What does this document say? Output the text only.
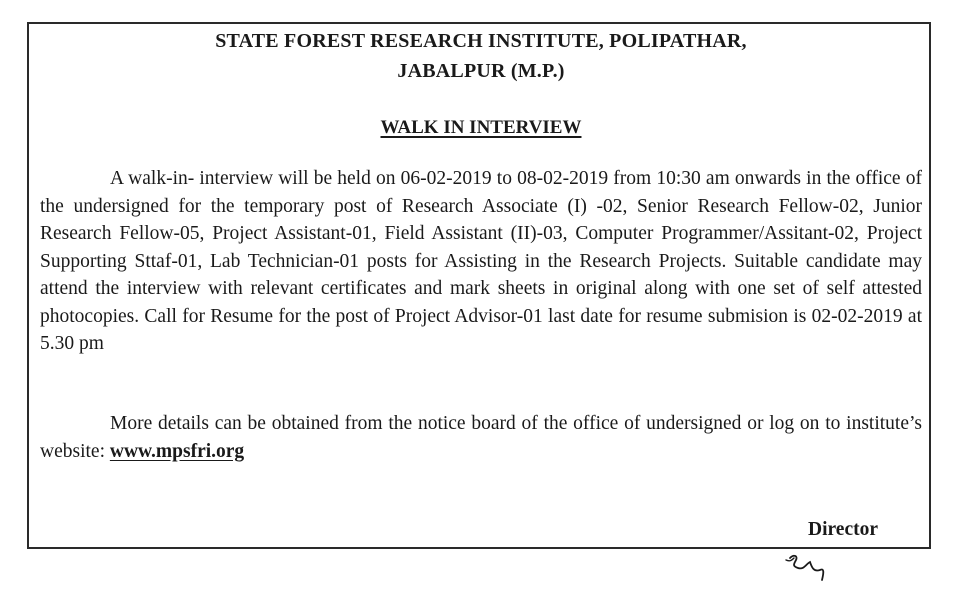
STATE FOREST RESEARCH INSTITUTE, POLIPATHAR,
JABALPUR (M.P.)
WALK IN INTERVIEW
A walk-in- interview will be held on 06-02-2019 to 08-02-2019 from 10:30 am onwards in the office of the undersigned for the temporary post of Research Associate (I) -02, Senior Research Fellow-02, Junior Research Fellow-05, Project Assistant-01, Field Assistant (II)-03, Computer Programmer/Assitant-02, Project Supporting Sttaf-01, Lab Technician-01 posts for Assisting in the Research Projects. Suitable candidate may attend the interview with relevant certificates and mark sheets in original along with one set of self attested photocopies. Call for Resume for the post of Project Advisor-01 last date for resume submision is 02-02-2019 at 5.30 pm
More details can be obtained from the notice board of the office of undersigned or log on to institute’s website: www.mpsfri.org
Director
